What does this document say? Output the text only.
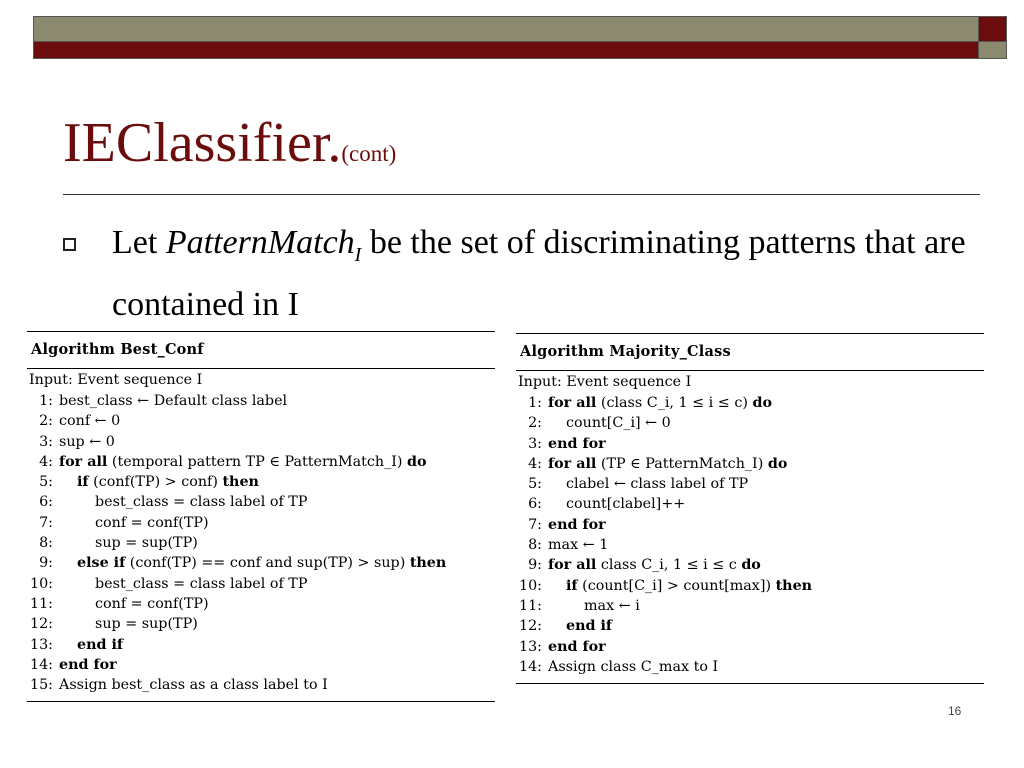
IEClassifier.(cont)
Let PatternMatch$_I$ be the set of discriminating patterns that are contained in I
Algorithm Best_Conf
Input: Event sequence I
1: best_class ← Default class label
2: conf ← 0
3: sup ← 0
4: for all (temporal pattern TP ∈ PatternMatch_I) do
5: if (conf(TP) > conf) then
6:	best_class = class label of TP
7:	conf = conf(TP)
8:	sup = sup(TP)
9: else if (conf(TP) == conf and sup(TP) > sup) then
10:	best_class = class label of TP
11:	conf = conf(TP)
12:	sup = sup(TP)
13: end if
14: end for
15: Assign best_class as a class label to I
Algorithm Majority_Class
Input: Event sequence I
1: for all (class C_i, 1 ≤ i ≤ c) do
2: count[C_i] ← 0
3: end for
4: for all (TP ∈ PatternMatch_I) do
5: clabel ← class label of TP
6: count[clabel]++
7: end for
8: max ← 1
9: for all class C_i, 1 ≤ i ≤ c do
10: if (count[C_i] > count[max]) then
11:	max ← i
12: end if
13: end for
14: Assign class C_max to I
16
